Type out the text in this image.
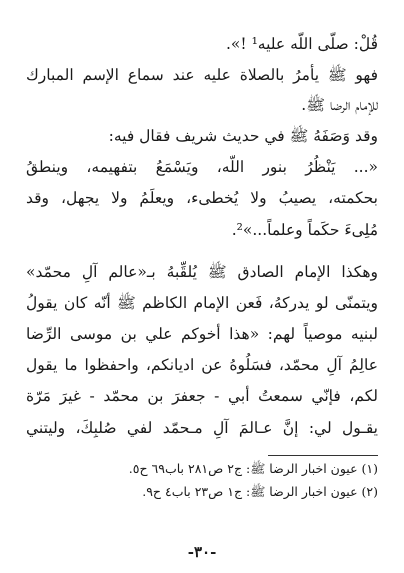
قُلْ: صلّى اللّه عليه¹ !».
فهو ﷺ يأمرُ بالصلاة عليه عند سماع الإسم المبارك
للإمام الرضا ﷺ.
وقد وَصَفَهُ ﷺ في حديث شريف فقال فيه:
«... يَنْظُرُ بنور اللّه، ويَسْمَعُ بتفهيمه، وينطقُ
بحكمته، يصيبُ ولا يُخطىء، ويعلَمُ ولا يجهل، وقد
مُلِىءَ حكَماً وعلماً...»².
وهكذا الإمام الصادق ﷺ يُلقِّبهُ بـ«عالم آلِ محمّد»
ويتمنّى لو يدركهُ، فَعن الإمام الكاظم ﷺ أنّه كان يقولُ
لبنيه موصياً لهم: «هذا أخوكم علي بن موسى الرِّضا
عالِمُ آلِ محمّد، فسَلُوهُ عن اديانكم، واحفظوا ما يقول
لكم، فإنّي سمعتُ أبي - جعفرَ بن محمّد - غيرَ مَرّة
يقـول لي: إنَّ عـالمَ آلِ مـحمّد لفي صُلبِكَ، وليتني
(١) عيون اخبار الرضا ﷺ: ج٢ ص٢٨١ باب٦٩ ح٥.
(٢) عيون اخبار الرضا ﷺ: ج١ ص٢٣ باب٤ ح٩.
-٣٠-
